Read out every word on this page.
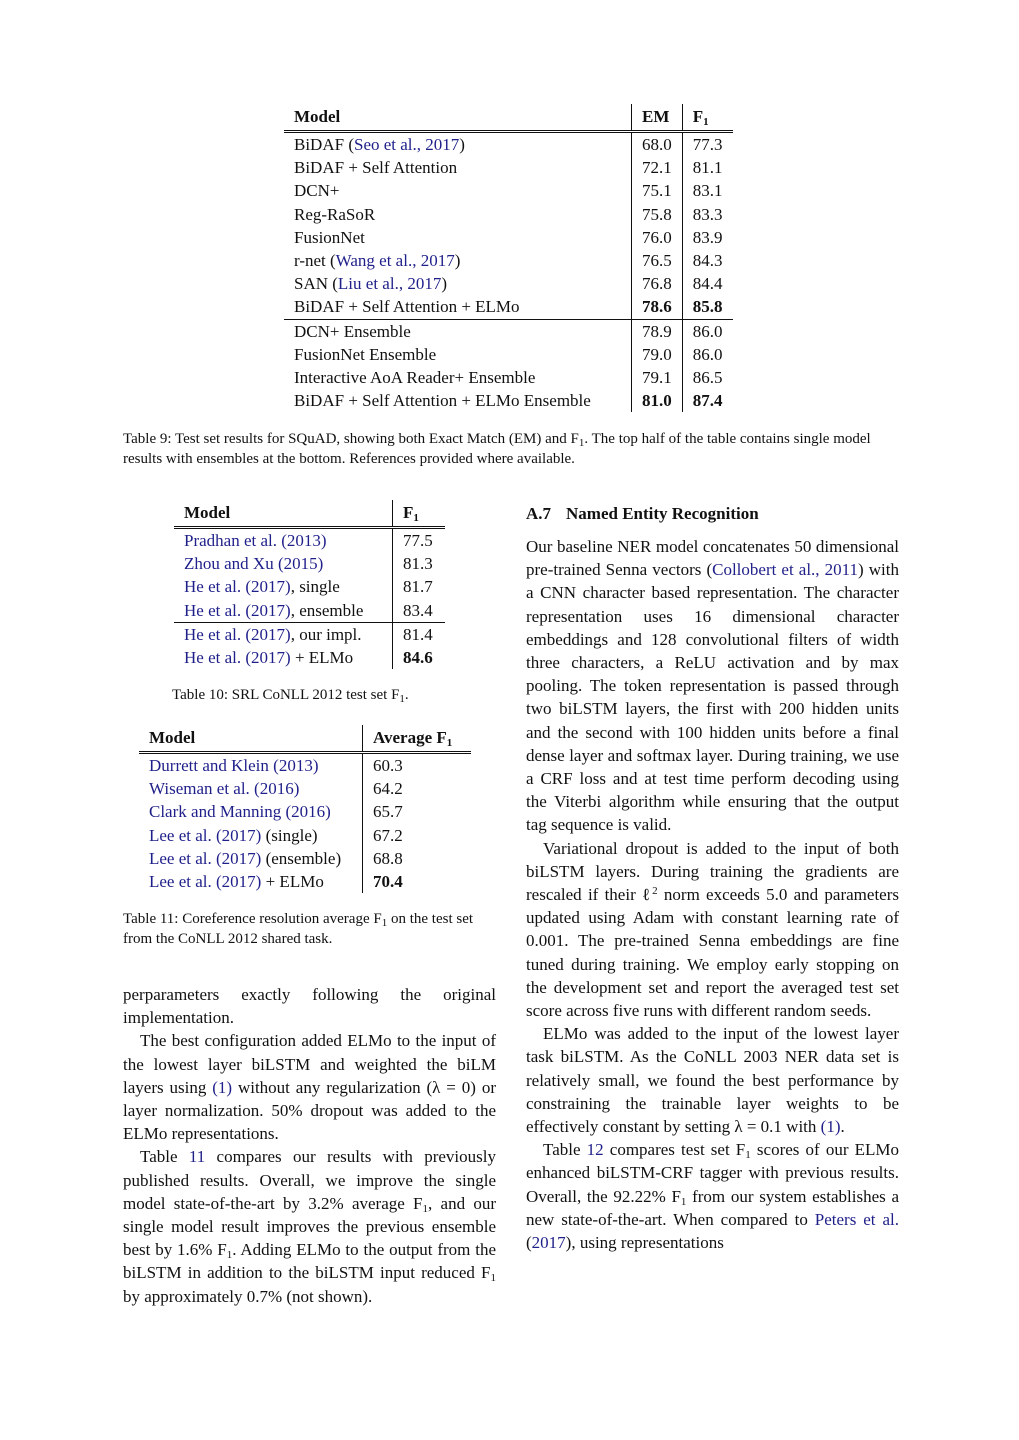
Model	EM	$F_1$
BiDAF (Seo et al., 2017)	68.0	77.3
BiDAF + Self Attention	72.1	81.1
DCN+	75.1	83.1
Reg-RaSoR	75.8	83.3
FusionNet	76.0	83.9
r-net (Wang et al., 2017)	76.5	84.3
SAN (Liu et al., 2017)	76.8	84.4
BiDAF + Self Attention + ELMo	78.6	85.8
DCN+ Ensemble	78.9	86.0
FusionNet Ensemble	79.0	86.0
Interactive AoA Reader+ Ensemble	79.1	86.5
BiDAF + Self Attention + ELMo Ensemble	81.0	87.4
Table 9: Test set results for SQuAD, showing both Exact Match (EM) and $F_1$. The top half of the table contains single model results with ensembles at the bottom. References provided where available.
Model	$F_1$
Pradhan et al. (2013)	77.5
Zhou and Xu (2015)	81.3
He et al. (2017), single	81.7
He et al. (2017), ensemble	83.4
He et al. (2017), our impl.	81.4
He et al. (2017) + ELMo	84.6
Table 10: SRL CoNLL 2012 test set $F_1$.
Model	Average $F_1$
Durrett and Klein (2013)	60.3
Wiseman et al. (2016)	64.2
Clark and Manning (2016)	65.7
Lee et al. (2017) (single)	67.2
Lee et al. (2017) (ensemble)	68.8
Lee et al. (2017) + ELMo	70.4
Table 11: Coreference resolution average $F_1$ on the test set from the CoNLL 2012 shared task.

perparameters exactly following the original implementation.

The best configuration added ELMo to the input of the lowest layer biLSTM and weighted the biLM layers using (1) without any regularization (λ = 0) or layer normalization. 50% dropout was added to the ELMo representations.

Table 11 compares our results with previously published results. Overall, we improve the single model state-of-the-art by 3.2% average $F_1$, and our single model result improves the previous ensemble best by 1.6% $F_1$. Adding ELMo to the output from the biLSTM in addition to the biLSTM input reduced $F_1$ by approximately 0.7% (not shown).

A.7 Named Entity Recognition

Our baseline NER model concatenates 50 dimensional pre-trained Senna vectors (Collobert et al., 2011) with a CNN character based representation. The character representation uses 16 dimensional character embeddings and 128 convolutional filters of width three characters, a ReLU activation and by max pooling. The token representation is passed through two biLSTM layers, the first with 200 hidden units and the second with 100 hidden units before a final dense layer and softmax layer. During training, we use a CRF loss and at test time perform decoding using the Viterbi algorithm while ensuring that the output tag sequence is valid.

Variational dropout is added to the input of both biLSTM layers. During training the gradients are rescaled if their ℓ$^2$ norm exceeds 5.0 and parameters updated using Adam with constant learning rate of 0.001. The pre-trained Senna embeddings are fine tuned during training. We employ early stopping on the development set and report the averaged test set score across five runs with different random seeds.

ELMo was added to the input of the lowest layer task biLSTM. As the CoNLL 2003 NER data set is relatively small, we found the best performance by constraining the trainable layer weights to be effectively constant by setting λ = 0.1 with (1).

Table 12 compares test set $F_1$ scores of our ELMo enhanced biLSTM-CRF tagger with previous results. Overall, the 92.22% $F_1$ from our system establishes a new state-of-the-art. When compared to Peters et al. (2017), using representations
